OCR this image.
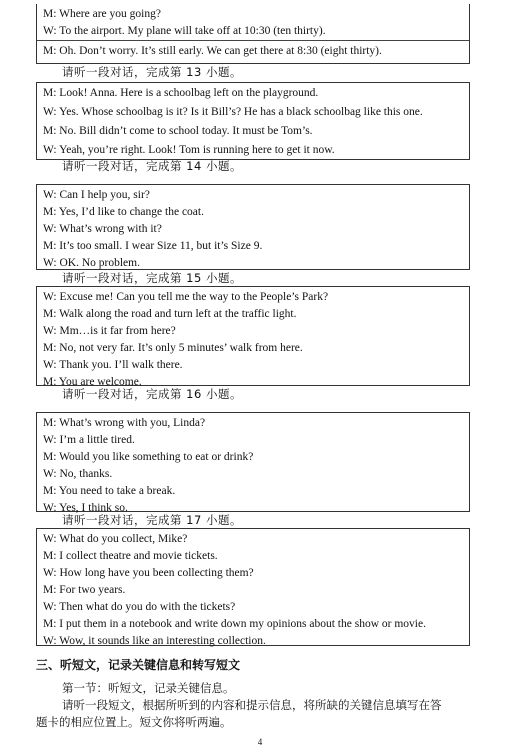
M: Where are you going?
W: To the airport. My plane will take off at 10:30 (ten thirty).
M: Oh. Don’t worry. It’s still early. We can get there at 8:30 (eight thirty).
请听一段对话，完成第 13 小题。
M: Look! Anna. Here is a schoolbag left on the playground.
W: Yes. Whose schoolbag is it? Is it Bill’s? He has a black schoolbag like this one.
M: No. Bill didn’t come to school today. It must be Tom’s.
W: Yeah, you’re right. Look! Tom is running here to get it now.
请听一段对话，完成第 14 小题。
W: Can I help you, sir?
M: Yes, I’d like to change the coat.
W: What’s wrong with it?
M: It’s too small. I wear Size 11, but it’s Size 9.
W: OK. No problem.
请听一段对话，完成第 15 小题。
W: Excuse me! Can you tell me the way to the People’s Park?
M: Walk along the road and turn left at the traffic light.
W: Mm…is it far from here?
M: No, not very far. It’s only 5 minutes’ walk from here.
W: Thank you. I’ll walk there.
M: You are welcome.
请听一段对话，完成第 16 小题。
M: What’s wrong with you, Linda?
W: I’m a little tired.
M: Would you like something to eat or drink?
W: No, thanks.
M: You need to take a break.
W: Yes, I think so.
请听一段对话，完成第 17 小题。
W: What do you collect, Mike?
M: I collect theatre and movie tickets.
W: How long have you been collecting them?
M: For two years.
W: Then what do you do with the tickets?
M: I put them in a notebook and write down my opinions about the show or movie.
W: Wow, it sounds like an interesting collection.
三、听短文，记录关键信息和转写短文
第一节：听短文，记录关键信息。
请听一段短文，根据所听到的内容和提示信息，将所缺的关键信息填写在答
题卡的相应位置上。短文你将听两遍。
4
